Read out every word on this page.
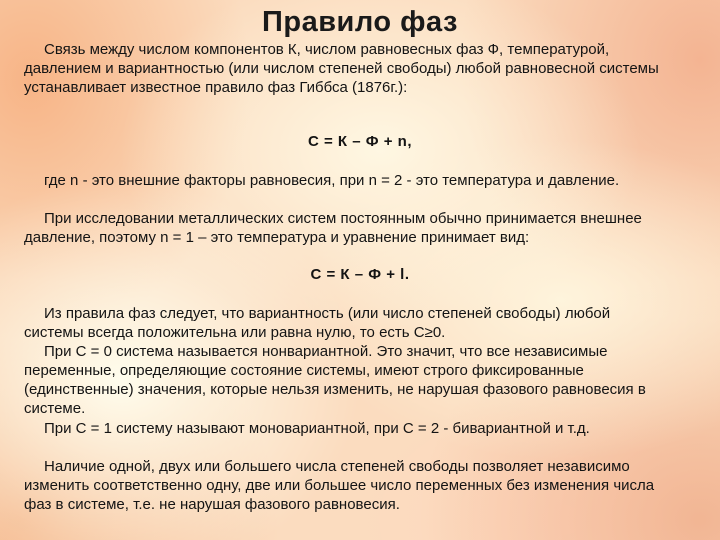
Правило фаз

Связь между числом компонентов К, числом равновесных фаз Ф, температурой,
давлением и вариантностью (или числом степеней свободы) любой равновесной системы
устанавливает известное правило фаз Гиббса (1876г.):

С = К – Ф + n,

где n - это внешние факторы равновесия, при n = 2 - это температура и давление.

При исследовании металлических систем постоянным обычно принимается внешнее
давление, поэтому n = 1 – это температура и уравнение принимает вид:

С = К – Ф + l.

Из правила фаз следует, что вариантность (или число степеней свободы) любой
системы всегда положительна или равна нулю, то есть С≥0.

При С = 0 система называется нонвариантной. Это значит, что все независимые
переменные, определяющие состояние системы, имеют строго фиксированные
(единственные) значения, которые нельзя изменить, не нарушая фазового равновесия в
системе.

При С = 1 систему называют моновариантной, при С = 2 - бивариантной и т.д.

Наличие одной, двух или большего числа степеней свободы позволяет независимо
изменить соответственно одну, две или большее число переменных без изменения числа
фаз в системе, т.е. не нарушая фазового равновесия.
